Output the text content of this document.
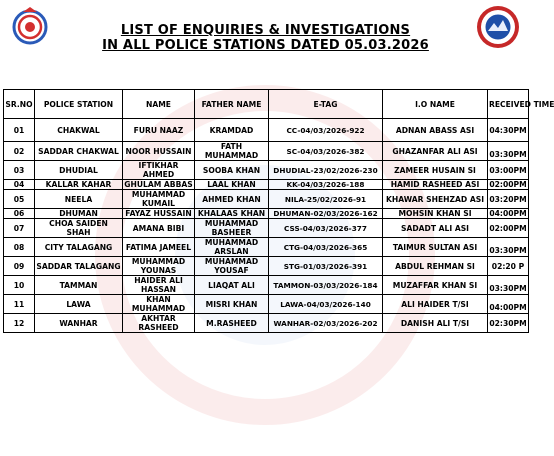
LIST OF ENQUIRIES & INVESTIGATIONS
IN ALL POLICE STATIONS DATED 05.03.2026
SR.NO	POLICE STATION	NAME	FATHER NAME	E-TAG	I.O NAME	RECEIVED TIME
01	CHAKWAL	FURU NAAZ	KRAMDAD	CC-04/03/2026-922	ADNAN ABASS ASI	04:30PM
02	SADDAR CHAKWAL	NOOR HUSSAIN	FATH MUHAMMAD	SC-04/03/2026-382	GHAZANFAR ALI ASI	03:30PM
03	DHUDIAL	IFTIKHAR AHMED	SOOBA KHAN	DHUDIAL-23/02/2026-230	ZAMEER HUSAIN SI	03:00PM
04	KALLAR KAHAR	GHULAM ABBAS	LAAL KHAN	KK-04/03/2026-188	HAMID RASHEED ASI	02:00PM
05	NEELA	MUHAMMAD KUMAIL	AHMED KHAN	NILA-25/02/2026-91	KHAWAR SHEHZAD ASI	03:20PM
06	DHUMAN	FAYAZ HUSSAIN	KHALAAS KHAN	DHUMAN-02/03/2026-162	MOHSIN KHAN SI	04:00PM
07	CHOA SAIDEN SHAH	AMANA BIBI	MUHAMMAD BASHEER	CSS-04/03/2026-377	SADADT ALI ASI	02:00PM
08	CITY TALAGANG	FATIMA JAMEEL	MUHAMMAD ARSLAN	CTG-04/03/2026-365	TAIMUR SULTAN ASI	03:30PM
09	SADDAR TALAGANG	MUHAMMAD YOUNAS	MUHAMMAD YOUSAF	STG-01/03/2026-391	ABDUL REHMAN SI	02:20 P
10	TAMMAN	HAIDER ALI HASSAN	LIAQAT ALI	TAMMON-03/03/2026-184	MUZAFFAR KHAN SI	03:30PM
11	LAWA	KHAN MUHAMMAD	MISRI KHAN	LAWA-04/03/2026-140	ALI HAIDER T/SI	04:00PM
12	WANHAR	AKHTAR RASHEED	M.RASHEED	WANHAR-02/03/2026-202	DANISH ALI T/SI	02:30PM
